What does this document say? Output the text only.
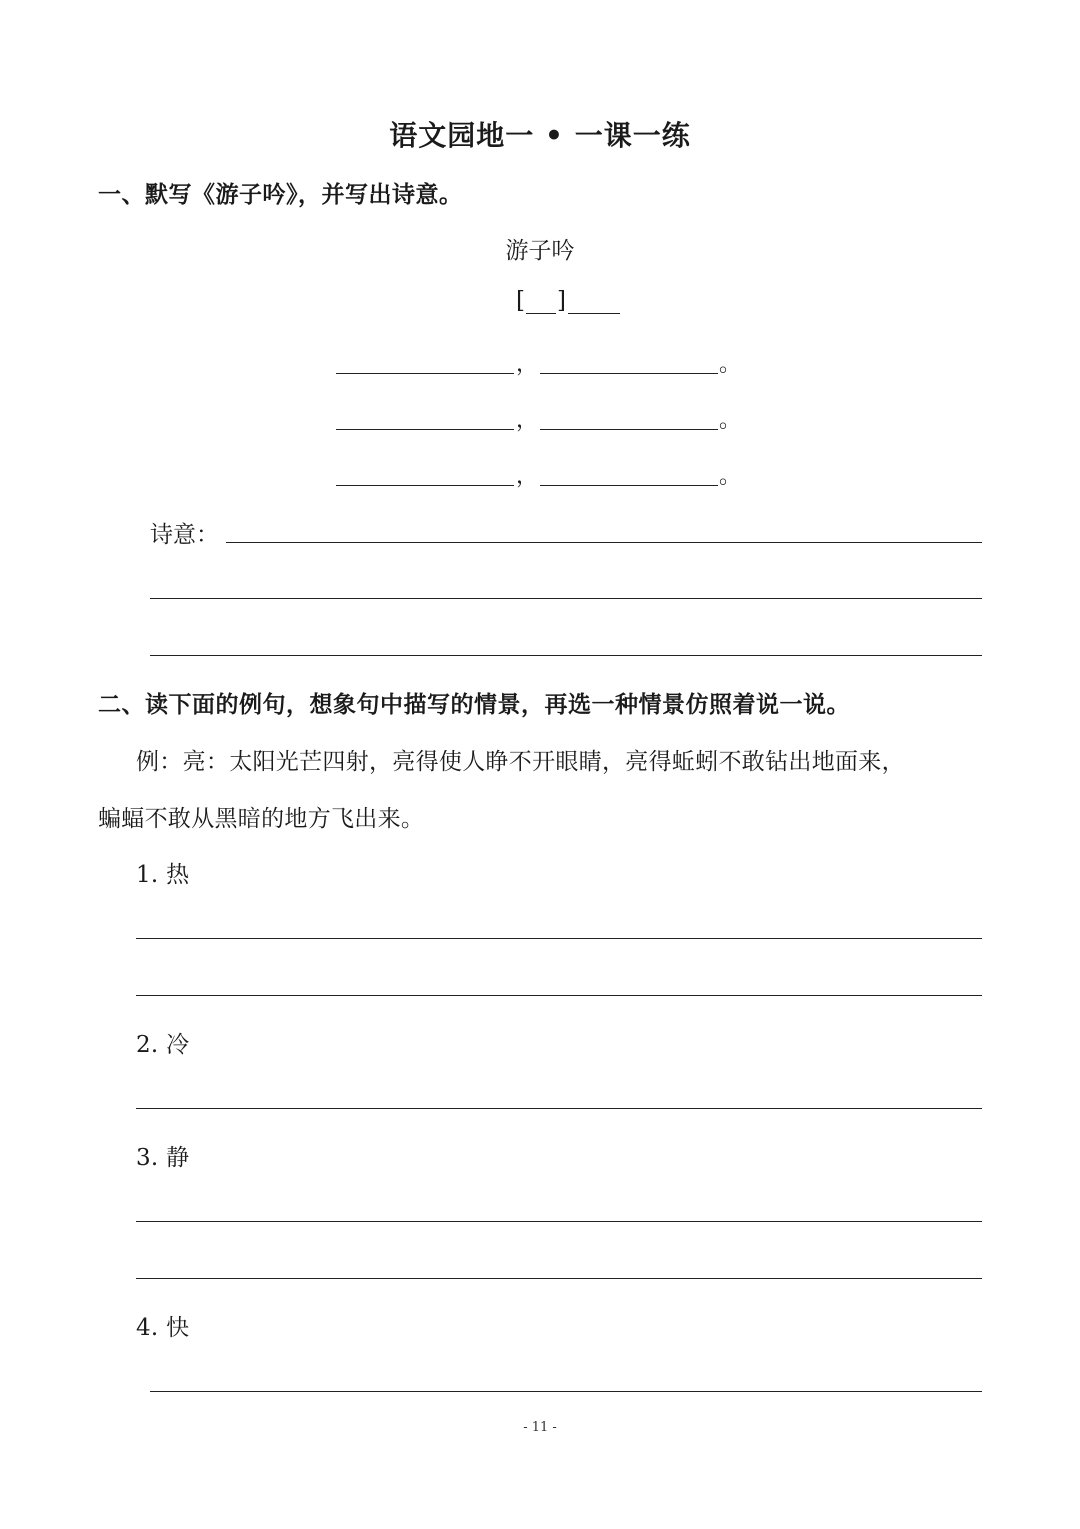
语文园地一 • 一课一练
一、默写《游子吟》，并写出诗意。
游子吟
[ ]
，	。
，	。
，	。
诗意：
二、读下面的例句，想象句中描写的情景，再选一种情景仿照着说一说。
例：亮：太阳光芒四射，亮得使人睁不开眼睛，亮得蚯蚓不敢钻出地面来，
蝙蝠不敢从黑暗的地方飞出来。
1. 热
2. 冷
3. 静
4. 快
- 11 -
